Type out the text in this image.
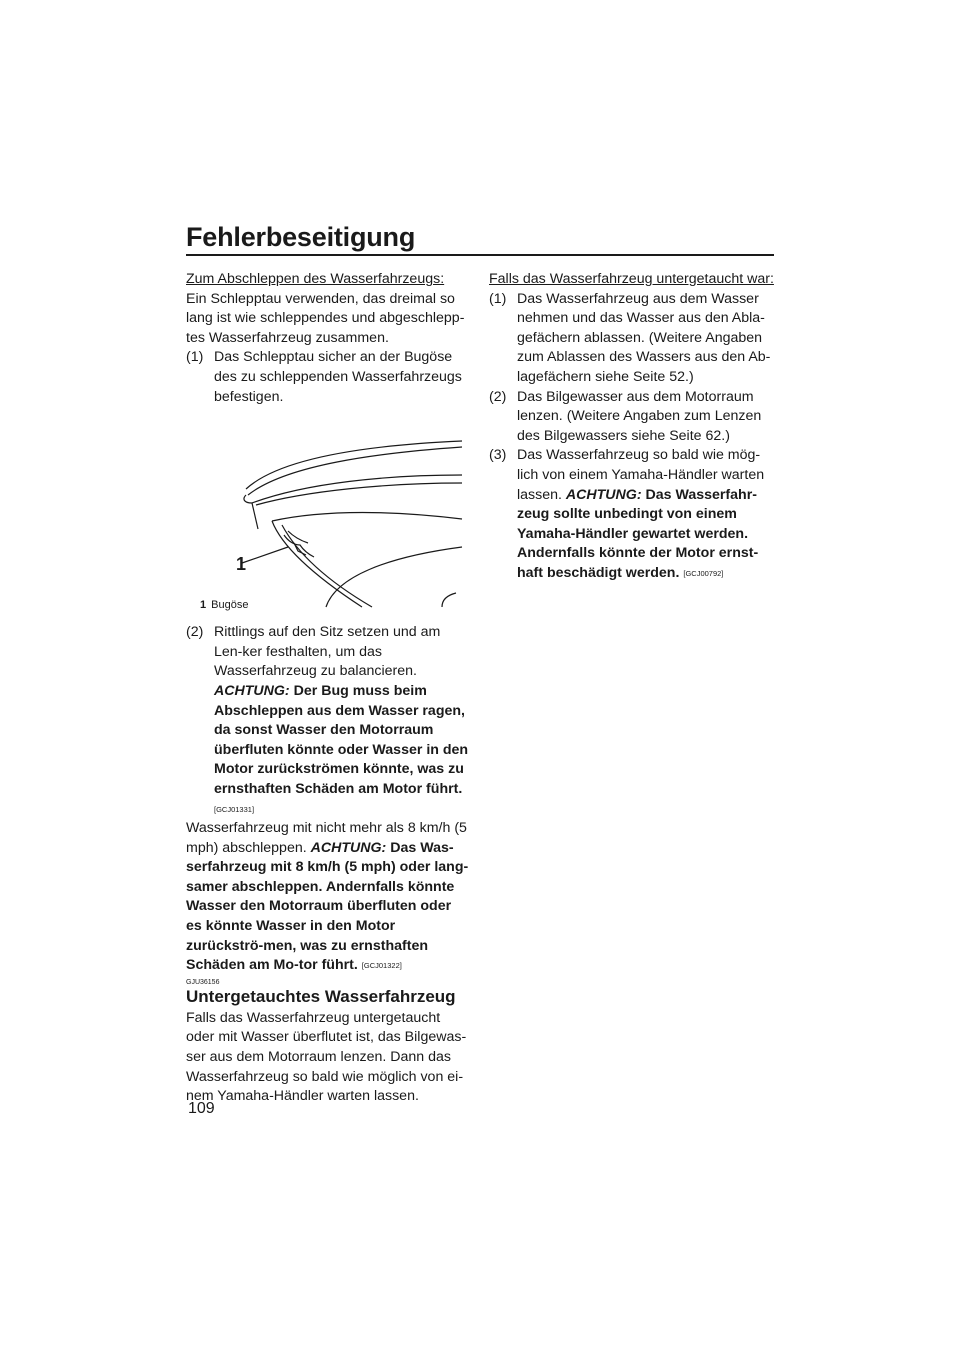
Fehlerbeseitigung

Zum Abschleppen des Wasserfahrzeugs:

Ein Schlepptau verwenden, das dreimal so lang ist wie schleppendes und abgeschlepp-tes Wasserfahrzeug zusammen.

(1) Das Schlepptau sicher an der Bugöse des zu schleppenden Wasserfahrzeugs befestigen.
1
1 Bugöse
(2) Rittlings auf den Sitz setzen und am Len-ker festhalten, um das Wasserfahrzeug zu balancieren. ACHTUNG: Der Bug muss beim Abschleppen aus dem Wasser ragen, da sonst Wasser den Motorraum überfluten könnte oder Wasser in den Motor zurückströmen könnte, was zu ernsthaften Schäden am Motor führt. [GCJ01331]

Wasserfahrzeug mit nicht mehr als 8 km/h (5 mph) abschleppen. ACHTUNG: Das Was-serfahrzeug mit 8 km/h (5 mph) oder lang-samer abschleppen. Andernfalls könnte Wasser den Motorraum überfluten oder es könnte Wasser in den Motor zurückströ-men, was zu ernsthaften Schäden am Mo-tor führt. [GCJ01322]

GJU36156
Untergetauchtes Wasserfahrzeug

Falls das Wasserfahrzeug untergetaucht oder mit Wasser überflutet ist, das Bilgewas-ser aus dem Motorraum lenzen. Dann das Wasserfahrzeug so bald wie möglich von ei-nem Yamaha-Händler warten lassen.

Falls das Wasserfahrzeug untergetaucht war:

(1) Das Wasserfahrzeug aus dem Wasser nehmen und das Wasser aus den Abla-gefächern ablassen. (Weitere Angaben zum Ablassen des Wassers aus den Ab-lagefächern siehe Seite 52.)
(2) Das Bilgewasser aus dem Motorraum lenzen. (Weitere Angaben zum Lenzen des Bilgewassers siehe Seite 62.)
(3) Das Wasserfahrzeug so bald wie mög-lich von einem Yamaha-Händler warten lassen. ACHTUNG: Das Wasserfahr-zeug sollte unbedingt von einem Yamaha-Händler gewartet werden. Andernfalls könnte der Motor ernst-haft beschädigt werden. [GCJ00792]
109
